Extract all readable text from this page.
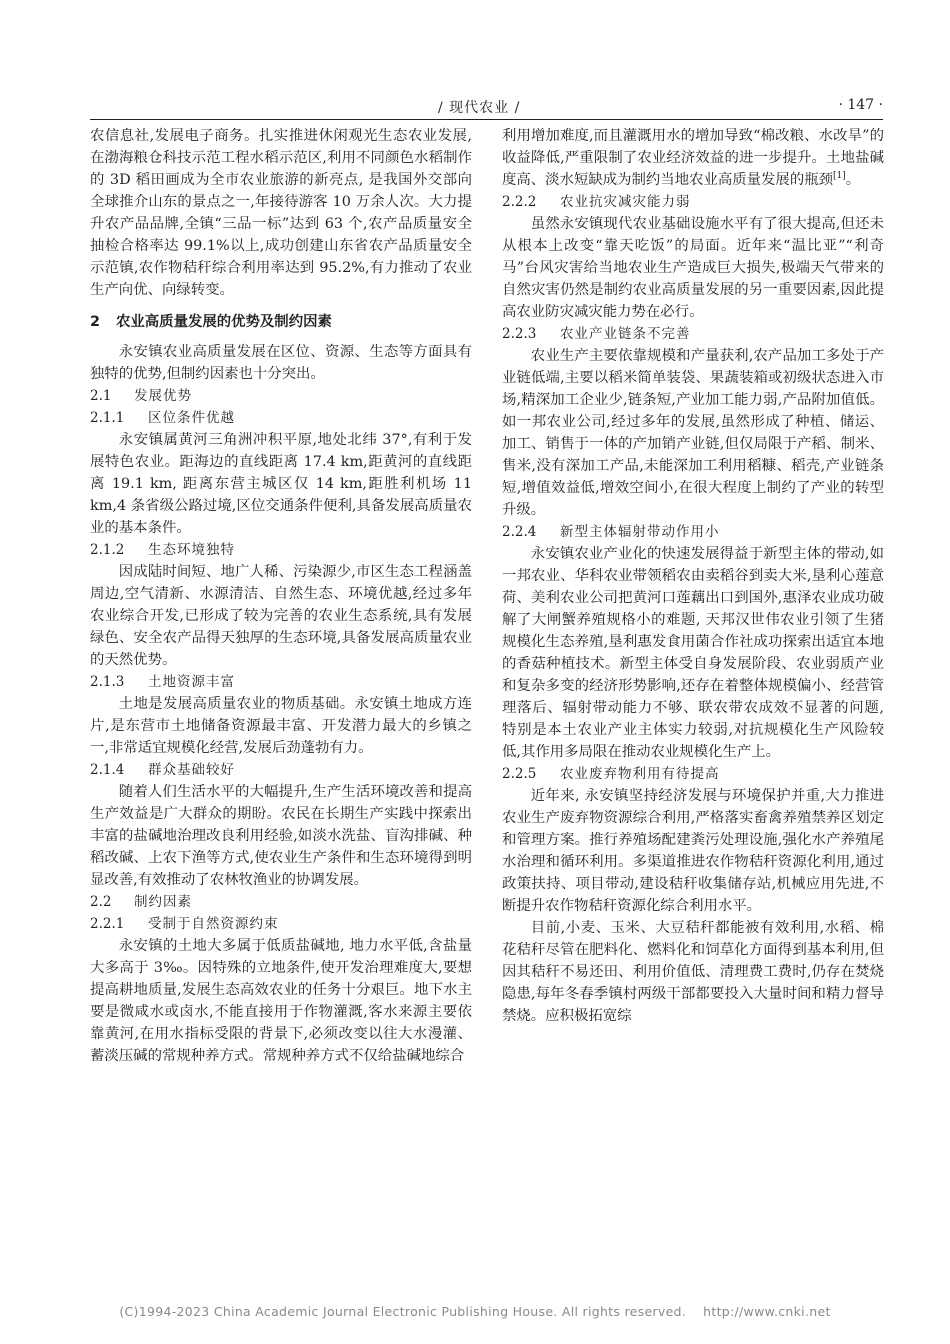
/ 现代农业 /	· 147 ·

农信息社,发展电子商务。扎实推进休闲观光生态农业发展,在渤海粮仓科技示范工程水稻示范区,利用不同颜色水稻制作的 3D 稻田画成为全市农业旅游的新亮点, 是我国外交部向全球推介山东的景点之一,年接待游客 10 万余人次。大力提升农产品品牌,全镇“三品一标”达到 63 个,农产品质量安全抽检合格率达 99.1%以上,成功创建山东省农产品质量安全示范镇,农作物秸秆综合利用率达到 95.2%,有力推动了农业生产向优、向绿转变。

2 农业高质量发展的优势及制约因素

永安镇农业高质量发展在区位、资源、生态等方面具有独特的优势,但制约因素也十分突出。

2.1 发展优势
2.1.1 区位条件优越

永安镇属黄河三角洲冲积平原,地处北纬 37°,有利于发展特色农业。距海边的直线距离 17.4 km,距黄河的直线距离 19.1 km, 距离东营主城区仅 14 km,距胜利机场 11 km,4 条省级公路过境,区位交通条件便利,具备发展高质量农业的基本条件。

2.1.2 生态环境独特

因成陆时间短、地广人稀、污染源少,市区生态工程涵盖周边,空气清新、水源清洁、自然生态、环境优越,经过多年农业综合开发,已形成了较为完善的农业生态系统,具有发展绿色、安全农产品得天独厚的生态环境,具备发展高质量农业的天然优势。

2.1.3 土地资源丰富

土地是发展高质量农业的物质基础。永安镇土地成方连片,是东营市土地储备资源最丰富、开发潜力最大的乡镇之一,非常适宜规模化经营,发展后劲蓬勃有力。

2.1.4 群众基础较好

随着人们生活水平的大幅提升,生产生活环境改善和提高生产效益是广大群众的期盼。农民在长期生产实践中探索出丰富的盐碱地治理改良利用经验,如淡水洗盐、盲沟排碱、种稻改碱、上农下渔等方式,使农业生产条件和生态环境得到明显改善,有效推动了农林牧渔业的协调发展。

2.2 制约因素
2.2.1 受制于自然资源约束

永安镇的土地大多属于低质盐碱地, 地力水平低,含盐量大多高于 3‰。因特殊的立地条件,使开发治理难度大,要想提高耕地质量,发展生态高效农业的任务十分艰巨。地下水主要是微咸水或卤水,不能直接用于作物灌溉,客水来源主要依靠黄河,在用水指标受限的背景下,必须改变以往大水漫灌、蓄淡压碱的常规种养方式。常规种养方式不仅给盐碱地综合

利用增加难度,而且灌溉用水的增加导致“棉改粮、水改旱”的收益降低,严重限制了农业经济效益的进一步提升。土地盐碱度高、淡水短缺成为制约当地农业高质量发展的瓶颈[1]。

2.2.2 农业抗灾减灾能力弱

虽然永安镇现代农业基础设施水平有了很大提高,但还未从根本上改变“靠天吃饭”的局面。近年来“温比亚”“利奇马”台风灾害给当地农业生产造成巨大损失,极端天气带来的自然灾害仍然是制约农业高质量发展的另一重要因素,因此提高农业防灾减灾能力势在必行。

2.2.3 农业产业链条不完善

农业生产主要依靠规模和产量获利,农产品加工多处于产业链低端,主要以稻米简单装袋、果蔬装箱或初级状态进入市场,精深加工企业少,链条短,产业加工能力弱,产品附加值低。如一邦农业公司,经过多年的发展,虽然形成了种植、储运、加工、销售于一体的产加销产业链,但仅局限于产稻、制米、售米,没有深加工产品,未能深加工利用稻糠、稻壳,产业链条短,增值效益低,增效空间小,在很大程度上制约了产业的转型升级。

2.2.4 新型主体辐射带动作用小

永安镇农业产业化的快速发展得益于新型主体的带动,如一邦农业、华科农业带领稻农由卖稻谷到卖大米,垦利心莲意荷、美利农业公司把黄河口莲藕出口到国外,惠泽农业成功破解了大闸蟹养殖规格小的难题, 天邦汉世伟农业引领了生猪规模化生态养殖,垦利惠发食用菌合作社成功探索出适宜本地的香菇种植技术。新型主体受自身发展阶段、农业弱质产业和复杂多变的经济形势影响,还存在着整体规模偏小、经营管理落后、辐射带动能力不够、联农带农成效不显著的问题, 特别是本土农业产业主体实力较弱,对抗规模化生产风险较低,其作用多局限在推动农业规模化生产上。

2.2.5 农业废弃物利用有待提高

近年来, 永安镇坚持经济发展与环境保护并重,大力推进农业生产废弃物资源综合利用,严格落实畜禽养殖禁养区划定和管理方案。推行养殖场配建粪污处理设施,强化水产养殖尾水治理和循环利用。多渠道推进农作物秸秆资源化利用,通过政策扶持、项目带动,建设秸秆收集储存站,机械应用先进,不断提升农作物秸秆资源化综合利用水平。

目前,小麦、玉米、大豆秸秆都能被有效利用,水稻、棉花秸秆尽管在肥料化、燃料化和饲草化方面得到基本利用,但因其秸秆不易还田、利用价值低、清理费工费时,仍存在焚烧隐患,每年冬春季镇村两级干部都要投入大量时间和精力督导禁烧。应积极拓宽综

(C)1994-2023 China Academic Journal Electronic Publishing House. All rights reserved.    http://www.cnki.net
